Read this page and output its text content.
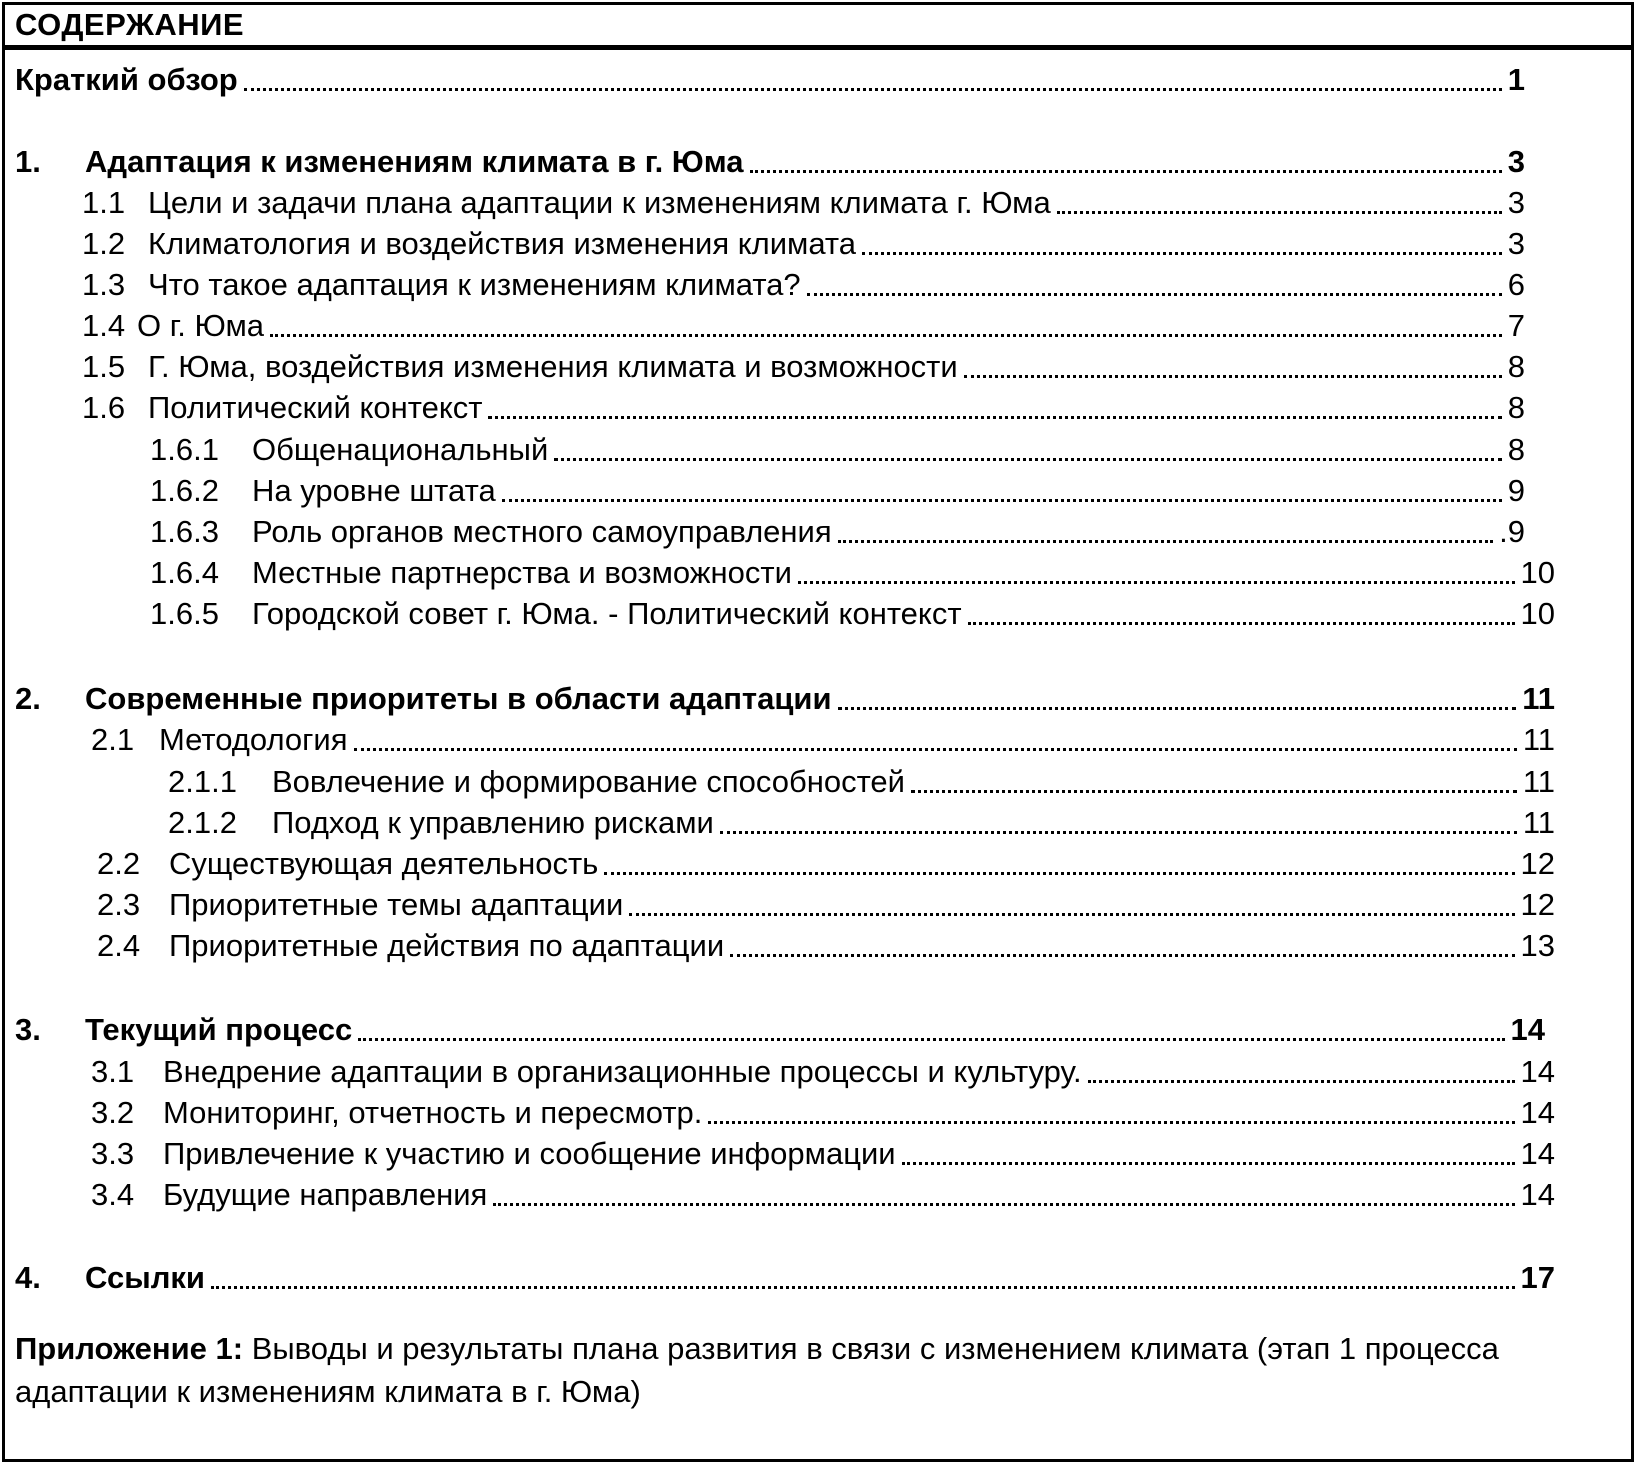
СОДЕРЖАНИЕ
Краткий обзор	1
1.	Адаптация к изменениям климата в г. Юма	3
1.1 Цели и задачи плана адаптации к изменениям климата г. Юма	3
1.2 Климатология и воздействия изменения климата	3
1.3 Что такое адаптация к изменениям климата?	6
1.4 О г. Юма	7
1.5 Г. Юма, воздействия изменения климата и возможности	8
1.6 Политический контекст	8
1.6.1	Общенациональный	8
1.6.2	На уровне штата	9
1.6.3	Роль органов местного самоуправления	.9
1.6.4	Местные партнерства и возможности	10
1.6.5	Городской совет г. Юма. - Политический контекст	10
2.	Современные приоритеты в области адаптации	11
2.1 Методология	11
2.1.1	Вовлечение и формирование способностей	11
2.1.2	Подход к управлению рисками	11
2.2 Существующая деятельность	12
2.3 Приоритетные темы адаптации	12
2.4 Приоритетные действия по адаптации	13
3.	Текущий процесс	14
3.1 Внедрение адаптации в организационные процессы и культуру.	14
3.2 Мониторинг, отчетность и пересмотр.	14
3.3 Привлечение к участию и сообщение информации	14
3.4 Будущие направления	14
4.	Ссылки	17
Приложение 1: Выводы и результаты плана развития в связи с изменением климата (этап 1 процесса адаптации к изменениям климата в г. Юма)
